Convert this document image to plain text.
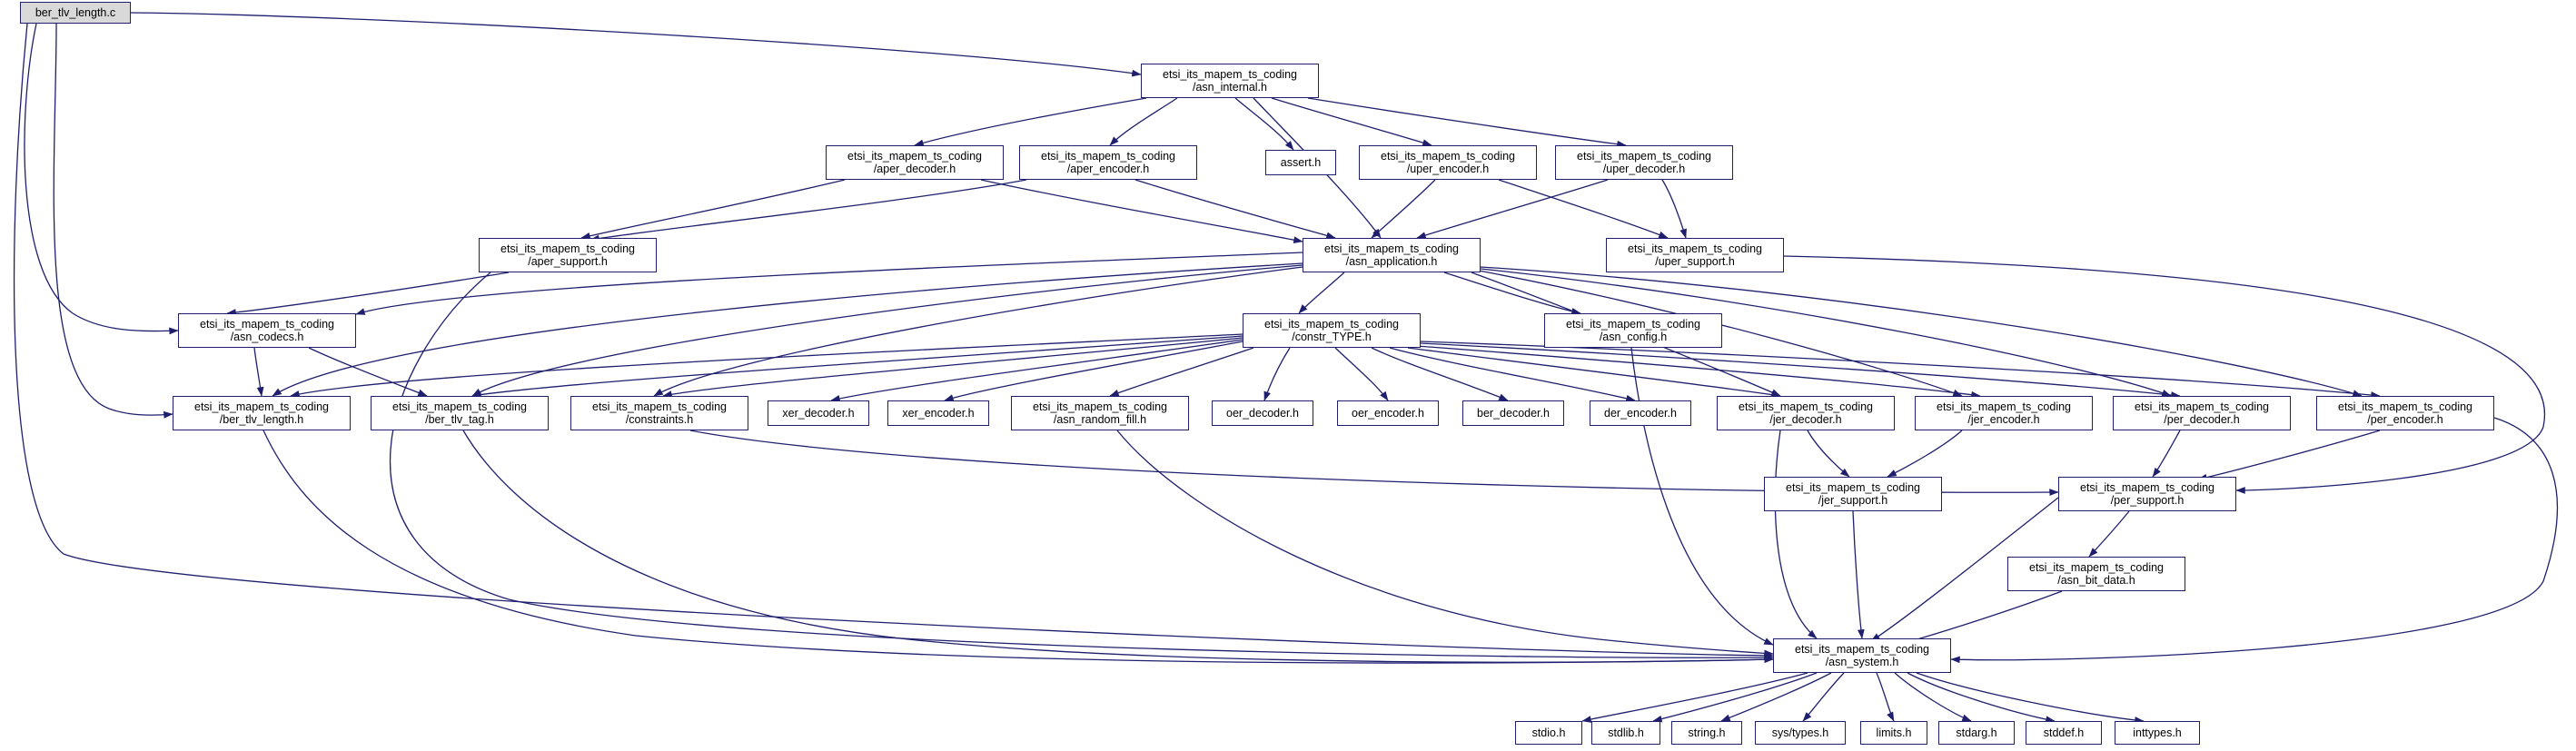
ber_tlv_length.c
etsi_its_mapem_ts_coding
/asn_internal.h
etsi_its_mapem_ts_coding
/aper_decoder.h
etsi_its_mapem_ts_coding
/aper_encoder.h	assert.h	etsi_its_mapem_ts_coding
/uper_encoder.h
etsi_its_mapem_ts_coding
/uper_decoder.h
etsi_its_mapem_ts_coding
/aper_support.h
etsi_its_mapem_ts_coding
/asn_application.h
etsi_its_mapem_ts_coding
/uper_support.h
etsi_its_mapem_ts_coding
/asn_codecs.h
etsi_its_mapem_ts_coding
/constr_TYPE.h
etsi_its_mapem_ts_coding
/asn_config.h
etsi_its_mapem_ts_coding
/ber_tlv_length.h
etsi_its_mapem_ts_coding
/ber_tlv_tag.h
etsi_its_mapem_ts_coding
/constraints.h	xer_decoder.h	xer_encoder.h	etsi_its_mapem_ts_coding
/asn_random_fill.h	oer_decoder.h	oer_encoder.h	ber_decoder.h	der_encoder.h	etsi_its_mapem_ts_coding
/jer_decoder.h
etsi_its_mapem_ts_coding
/jer_encoder.h
etsi_its_mapem_ts_coding
/per_decoder.h
etsi_its_mapem_ts_coding
/per_encoder.h
etsi_its_mapem_ts_coding
/jer_support.h
etsi_its_mapem_ts_coding
/per_support.h
etsi_its_mapem_ts_coding
/asn_bit_data.h
etsi_its_mapem_ts_coding
/asn_system.h
stdio.h	stdlib.h	string.h	sys/types.h	limits.h	stdarg.h	stddef.h	inttypes.h
